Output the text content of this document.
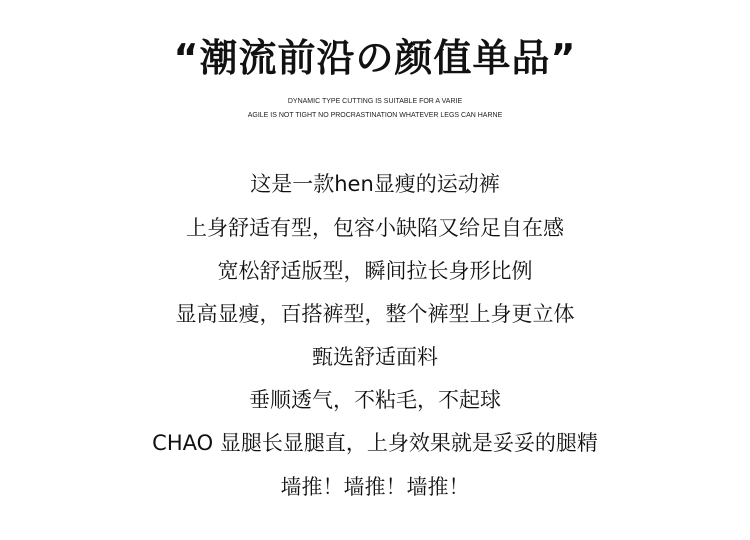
“潮流前沿の颜值单品”
DYNAMIC TYPE CUTTING IS SUITABLE FOR A VARIE
AGILE IS NOT TIGHT NO PROCRASTINATION WHATEVER LEGS CAN HARNE
这是一款hen显瘦的运动裤
上身舒适有型，包容小缺陷又给足自在感
宽松舒适版型，瞬间拉长身形比例
显高显瘦，百搭裤型，整个裤型上身更立体
甄选舒适面料
垂顺透气，不粘毛，不起球
CHAO 显腿长显腿直，上身效果就是妥妥的腿精
墙推！墙推！墙推！
